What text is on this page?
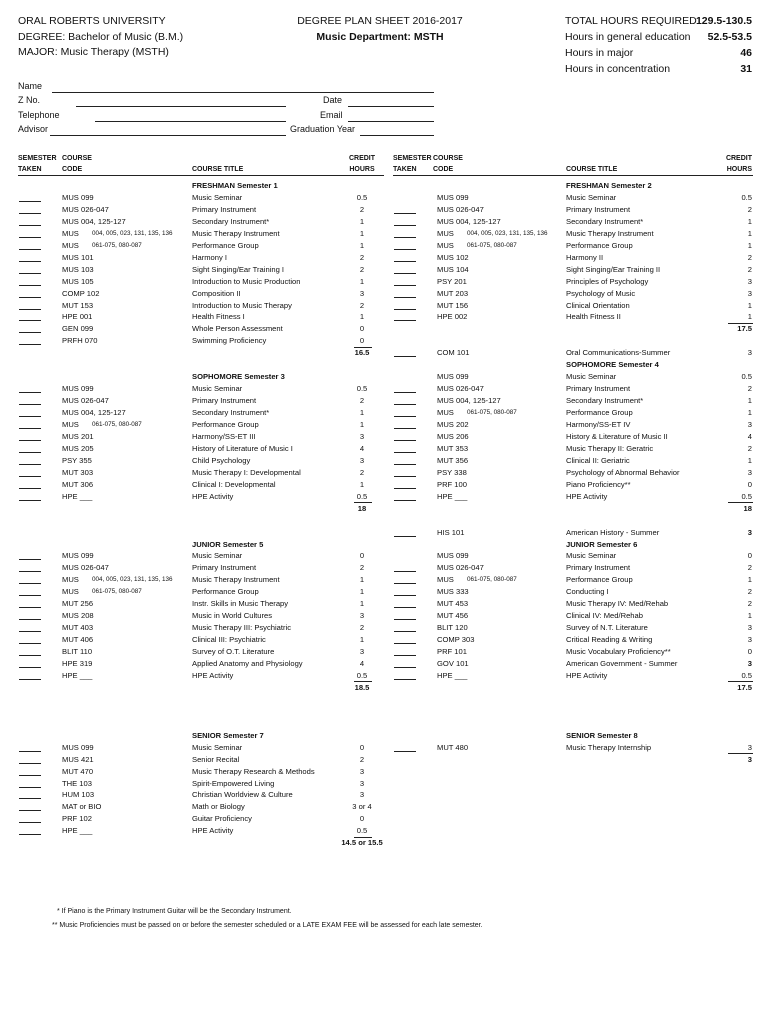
ORAL ROBERTS UNIVERSITY
DEGREE: Bachelor of Music (B.M.)
MAJOR: Music Therapy (MSTH)
DEGREE PLAN SHEET 2016-2017
Music Department: MSTH
TOTAL HOURS REQUIRED 129.5-130.5
Hours in general education	52.5-53.5
Hours in major	46
Hours in concentration	31
Name
Z No.	Date
Telephone	Email
Advisor	Graduation Year
SEMESTER COURSE
TAKEN	CODE	COURSE TITLE
CREDIT
HOURS
SEMESTER COURSE
TAKEN CODE	COURSE TITLE
CREDIT
HOURS
FRESHMAN Semester 1
MUS 099	Music Seminar	0.5
MUS 026-047	Primary Instrument	2
MUS 004, 125-127	Secondary Instrument*	1
MUS 004, 005, 023, 131, 135, 136	Music Therapy Instrument	1
MUS 061-075, 080-087	Performance Group	1
MUS 101	Harmony I	2
MUS 103	Sight Singing/Ear Training I	2
MUS 105	Introduction to Music Production	1
COMP 102	Composition II	3
MUT 153	Introduction to Music Therapy	2
HPE 001	Health Fitness I	1
GEN 099	Whole Person Assessment	0
PRFH 070	Swimming Proficiency	0
16.5
SOPHOMORE Semester 3
MUS 099	Music Seminar	0.5
MUS 026-047	Primary Instrument	2
MUS 004, 125-127	Secondary Instrument*	1
MUS 061-075, 080-087	Performance Group	1
MUS 201	Harmony/SS-ET III	3
MUS 205	History of Literature of Music I	4
PSY 355	Child Psychology	3
MUT 303	Music Therapy I: Developmental	2
MUT 306	Clinical I: Developmental	1
HPE ___	HPE Activity	0.5
18
JUNIOR Semester 5
MUS 099	Music Seminar	0
MUS 026-047	Primary Instrument	2
MUS 004, 005, 023, 131, 135, 136	Music Therapy Instrument	1
MUS 061-075, 080-087	Performance Group	1
MUT 256	Instr. Skills in Music Therapy	1
MUS 208	Music in World Cultures	3
MUT 403	Music Therapy III: Psychiatric	2
MUT 406	Clinical III: Psychiatric	1
BLIT 110	Survey of O.T. Literature	3
HPE 319	Applied Anatomy and Physiology	4
HPE ___	HPE Activity	0.5
18.5
SENIOR Semester 7
MUS 099	Music Seminar	0
MUS 421	Senior Recital	2
MUT 470	Music Therapy Research & Methods	3
THE 103	Spirit-Empowered Living	3
HUM 103	Christian Worldview & Culture	3
MAT or BIO	Math or Biology	3 or 4
PRF 102	Guitar Proficiency	0
HPE ___	HPE Activity	0.5
14.5 or 15.5
FRESHMAN Semester 2
MUS 099	Music Seminar	0.5
MUS 026-047	Primary Instrument	2
MUS 004, 125-127	Secondary Instrument*	1
MUS 004, 005, 023, 131, 135, 136 Music Therapy Instrument	1
MUS 061-075, 080-087	Performance Group	1
MUS 102	Harmony II	2
MUS 104	Sight Singing/Ear Training II	2
PSY 201	Principles of Psychology	3
MUT 203	Psychology of Music	3
MUT 156	Clinical Orientation	1
HPE 002	Health Fitness II	1
17.5
COM 101	Oral Communications-Summer	3
SOPHOMORE Semester 4
MUS 099	Music Seminar	0.5
MUS 026-047	Primary Instrument	2
MUS 004, 125-127	Secondary Instrument*	1
MUS 061-075, 080-087	Performance Group	1
MUS 202	Harmony/SS-ET IV	3
MUS 206	History & Literature of Music II	4
MUT 353	Music Therapy II: Geratric	2
MUT 356	Clinical II: Geriatric	1
PSY 338	Psychology of Abnormal Behavior	3
PRF 100	Piano Proficiency**	0
HPE ___	HPE Activity	0.5
18
HIS 101	American History - Summer	3
JUNIOR Semester 6
MUS 099	Music Seminar	0
MUS 026-047	Primary Instrument	2
MUS 061-075, 080-087	Performance Group	1
MUS 333	Conducting I	2
MUT 453	Music Therapy IV: Med/Rehab	2
MUT 456	Clinical IV: Med/Rehab	1
BLIT 120	Survey of N.T. Literature	3
COMP 303	Critical Reading & Writing	3
PRF 101	Music Vocabulary Proficiency**	0
GOV 101	American Government - Summer	3
HPE ___	HPE Activity	0.5
17.5
SENIOR Semester 8
MUT 480	Music Therapy Internship	3
3
* If Piano is the Primary Instrument Guitar will be the Secondary Instrument.
** Music Proficiencies must be passed on or before the semester scheduled or a LATE EXAM FEE will be assessed for each late semester.
